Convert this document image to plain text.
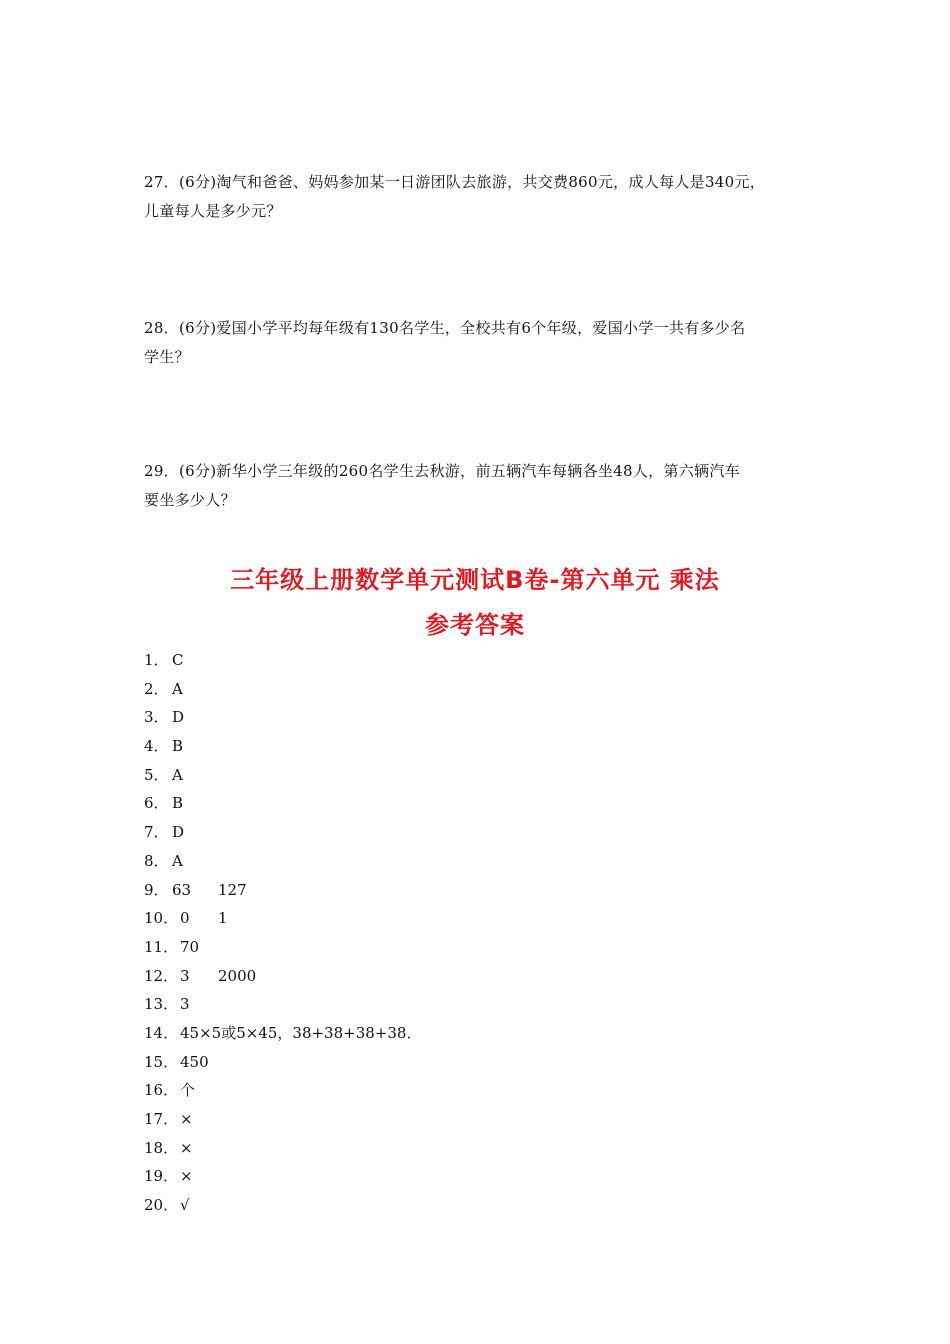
27．(6分)淘气和爸爸、妈妈参加某一日游团队去旅游，共交费860元，成人每人是340元，
儿童每人是多少元？
28．(6分)爱国小学平均每年级有130名学生，全校共有6个年级，爱国小学一共有多少名
学生？
29．(6分)新华小学三年级的260名学生去秋游，前五辆汽车每辆各坐48人，第六辆汽车
要坐多少人？
三年级上册数学单元测试B卷-第六单元 乘法
参考答案
1． C
2． A
3． D
4． B
5． A
6． B
7． D
8． A
9． 63	127
10． 0	1
11． 70
12． 3	2000
13． 3
14． 45×5或5×45，38+38+38+38．
15． 450
16． 个
17． ×
18． ×
19． ×
20． √
